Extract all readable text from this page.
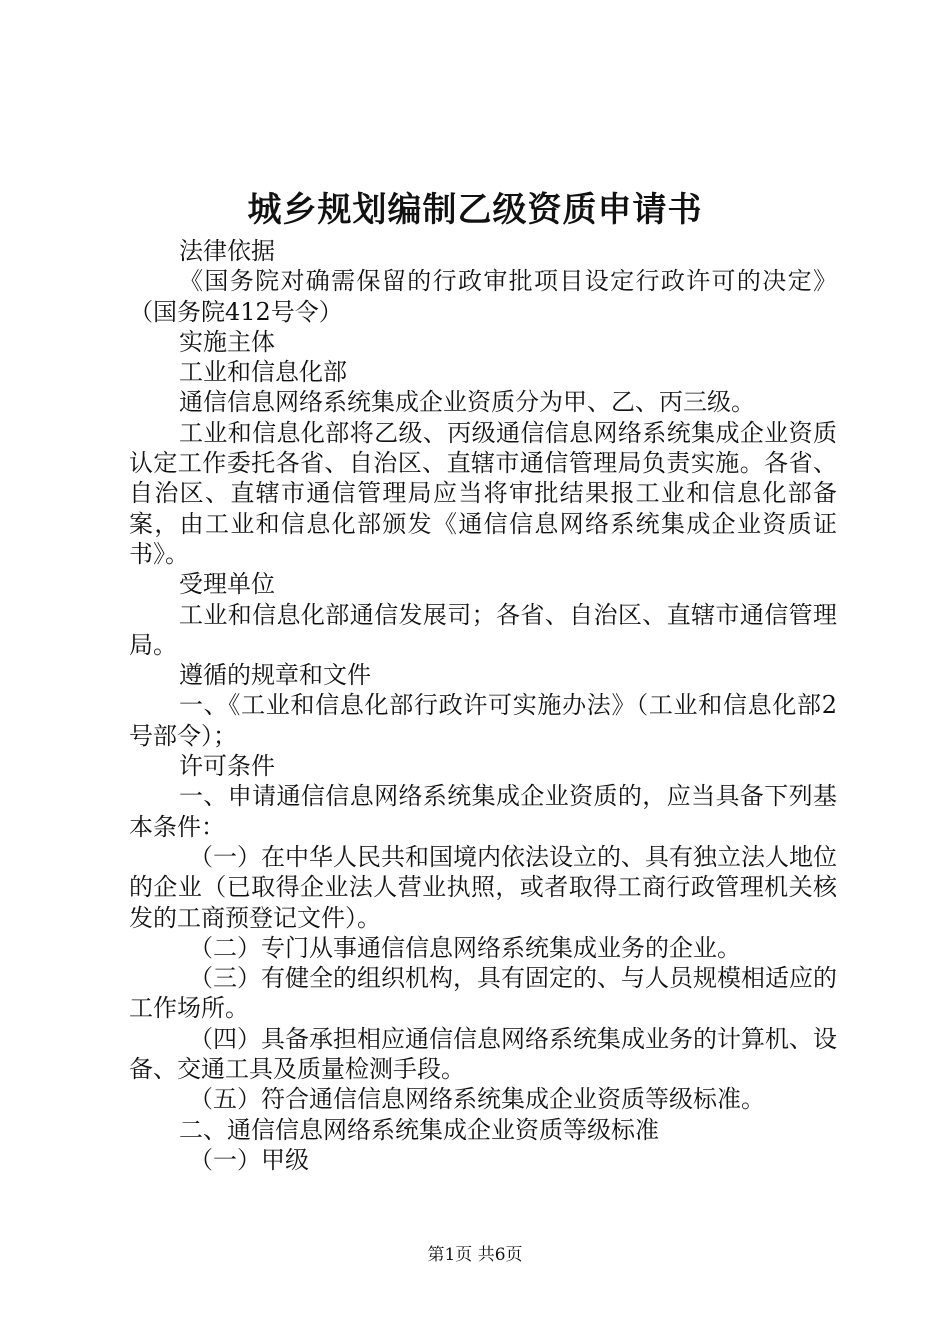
城乡规划编制乙级资质申请书

法律依据

《国务院对确需保留的行政审批项目设定行政许可的决定》（国务院412号令）

实施主体

工业和信息化部

通信信息网络系统集成企业资质分为甲、乙、丙三级。

工业和信息化部将乙级、丙级通信信息网络系统集成企业资质认定工作委托各省、自治区、直辖市通信管理局负责实施。各省、自治区、直辖市通信管理局应当将审批结果报工业和信息化部备案，由工业和信息化部颁发《通信信息网络系统集成企业资质证书》。

受理单位

工业和信息化部通信发展司；各省、自治区、直辖市通信管理局。

遵循的规章和文件

一、《工业和信息化部行政许可实施办法》（工业和信息化部2号部令）；

许可条件

一、申请通信信息网络系统集成企业资质的，应当具备下列基本条件：

（一）在中华人民共和国境内依法设立的、具有独立法人地位的企业（已取得企业法人营业执照，或者取得工商行政管理机关核发的工商预登记文件）。

（二）专门从事通信信息网络系统集成业务的企业。

（三）有健全的组织机构，具有固定的、与人员规模相适应的工作场所。

（四）具备承担相应通信信息网络系统集成业务的计算机、设备、交通工具及质量检测手段。

（五）符合通信信息网络系统集成企业资质等级标准。

二、通信信息网络系统集成企业资质等级标准

（一）甲级

第1页 共6页
